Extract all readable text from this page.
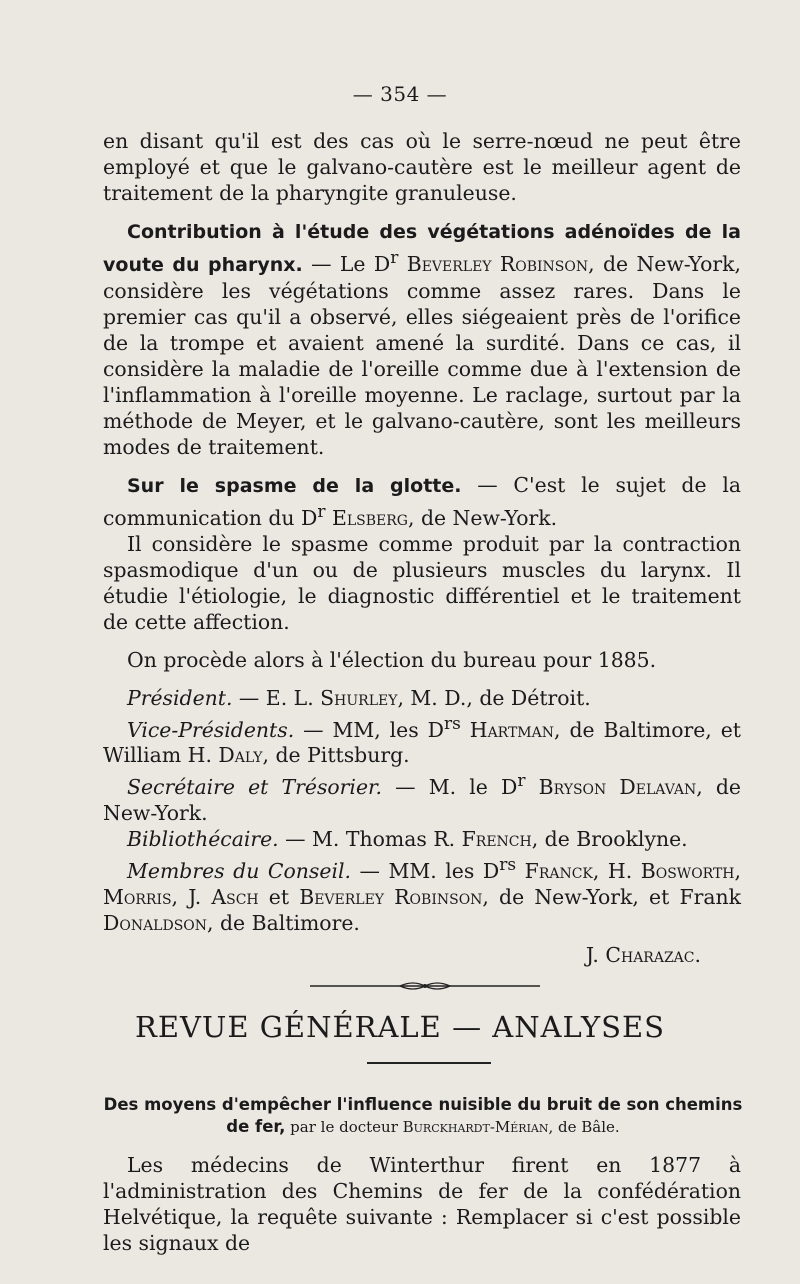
— 354 —

en disant qu'il est des cas où le serre-nœud ne peut être employé et que le galvano-cautère est le meilleur agent de traitement de la pharyngite granuleuse.

Contribution à l'étude des végétations adénoïdes de la voute du pharynx. — Le $D^r$ Beverley Robinson, de New-York, considère les végétations comme assez rares. Dans le premier cas qu'il a observé, elles siégeaient près de l'orifice de la trompe et avaient amené la surdité. Dans ce cas, il considère la maladie de l'oreille comme due à l'extension de l'inflammation à l'oreille moyenne. Le raclage, surtout par la méthode de Meyer, et le galvano-cautère, sont les meilleurs modes de traitement.

Sur le spasme de la glotte. — C'est le sujet de la communication du $D^r$ Elsberg, de New-York.

Il considère le spasme comme produit par la contraction spasmodique d'un ou de plusieurs muscles du larynx. Il étudie l'étiologie, le diagnostic différentiel et le traitement de cette affection.

On procède alors à l'élection du bureau pour 1885.

Président. — E. L. Shurley, M. D., de Détroit.

Vice-Présidents. — MM, les $D^{rs}$ Hartman, de Baltimore, et William H. Daly, de Pittsburg.

Secrétaire et Trésorier. — M. le $D^r$ Bryson Delavan, de New-York.

Bibliothécaire. — M. Thomas R. French, de Brooklyne.

Membres du Conseil. — MM. les $D^{rs}$ Franck, H. Bosworth, Morris, J. Asch et Beverley Robinson, de New-York, et Frank Donaldson, de Baltimore.

J. Charazac.

REVUE GÉNÉRALE — ANALYSES
Des moyens d'empêcher l'influence nuisible du bruit de son chemins de fer, par le docteur Burckhardt-Mérian, de Bâle.

Les médecins de Winterthur firent en 1877 à l'administration des Chemins de fer de la confédération Helvétique, la requête suivante : Remplacer si c'est possible les signaux de
